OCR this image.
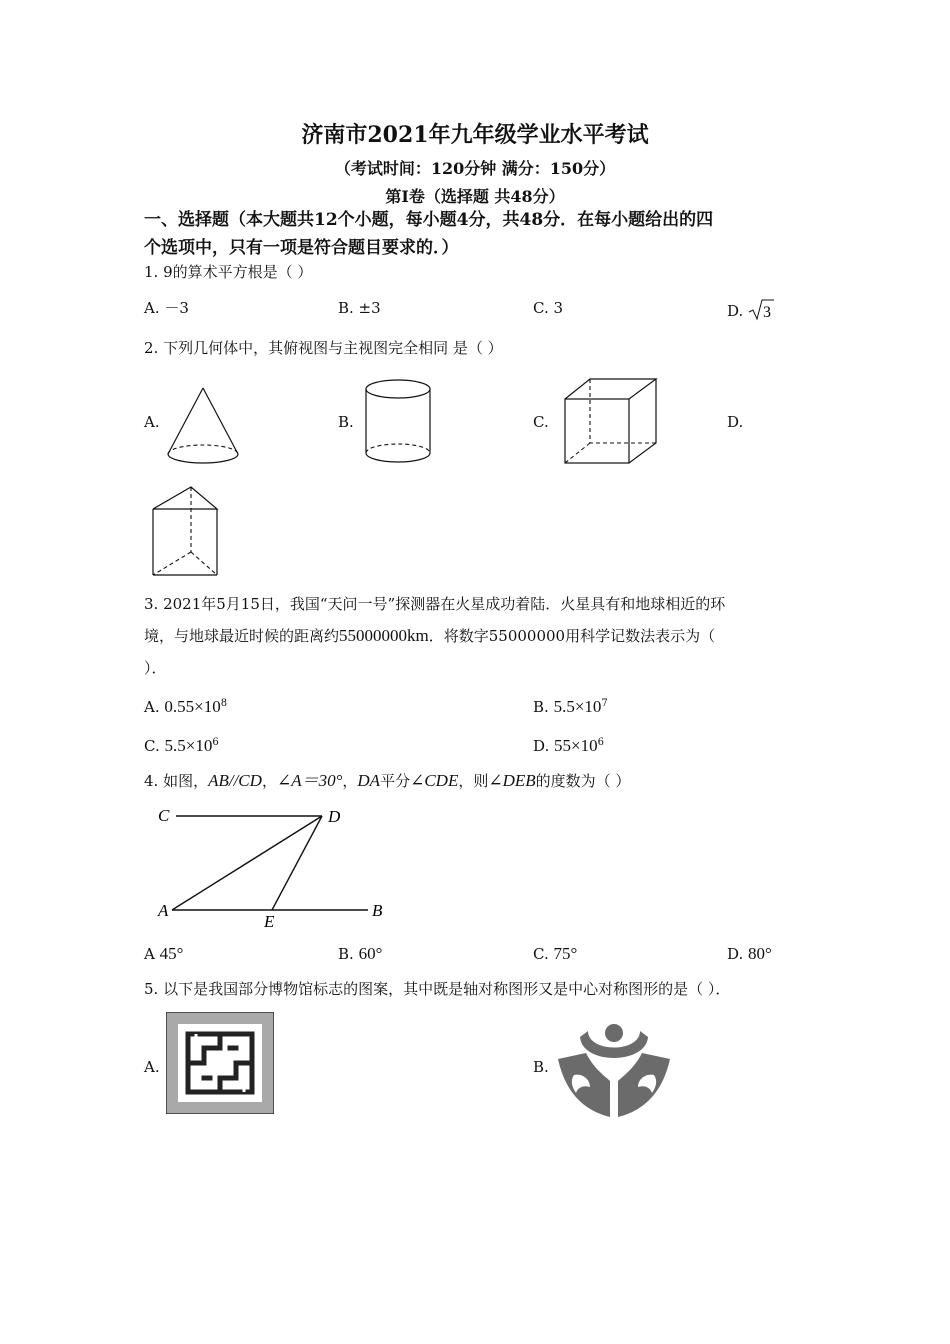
济南市2021年九年级学业水平考试
（考试时间：120分钟 满分：150分）
第Ⅰ卷（选择题 共48分）
一、选择题（本大题共12个小题，每小题4分，共48分．在每小题给出的四
个选项中，只有一项是符合题目要求的．）
1. 9的算术平方根是（ ）
A. －3	B. ±3	C. 3	D. 3
2. 下列几何体中，其俯视图与主视图完全相同 是（ ）
A.	B.	C.	D.
3. 2021年5月15日，我国“天问一号”探测器在火星成功着陆．火星具有和地球相近的环
境，与地球最近时候的距离约55000000km．将数字55000000用科学记数法表示为（
）．
A. $0.55\times 10^8$	B. $5.5\times 10^7$
C. $5.5\times 10^6$	D. $55\times 10^6$
4. 如图，AB//CD，∠A＝30°，DA平分∠CDE，则∠DEB的度数为（ ）
C	D
A
E
B
A 45°	B. 60°	C. 75°	D. 80°
5. 以下是我国部分博物馆标志的图案，其中既是轴对称图形又是中心对称图形的是（ ）．
A.	B.
